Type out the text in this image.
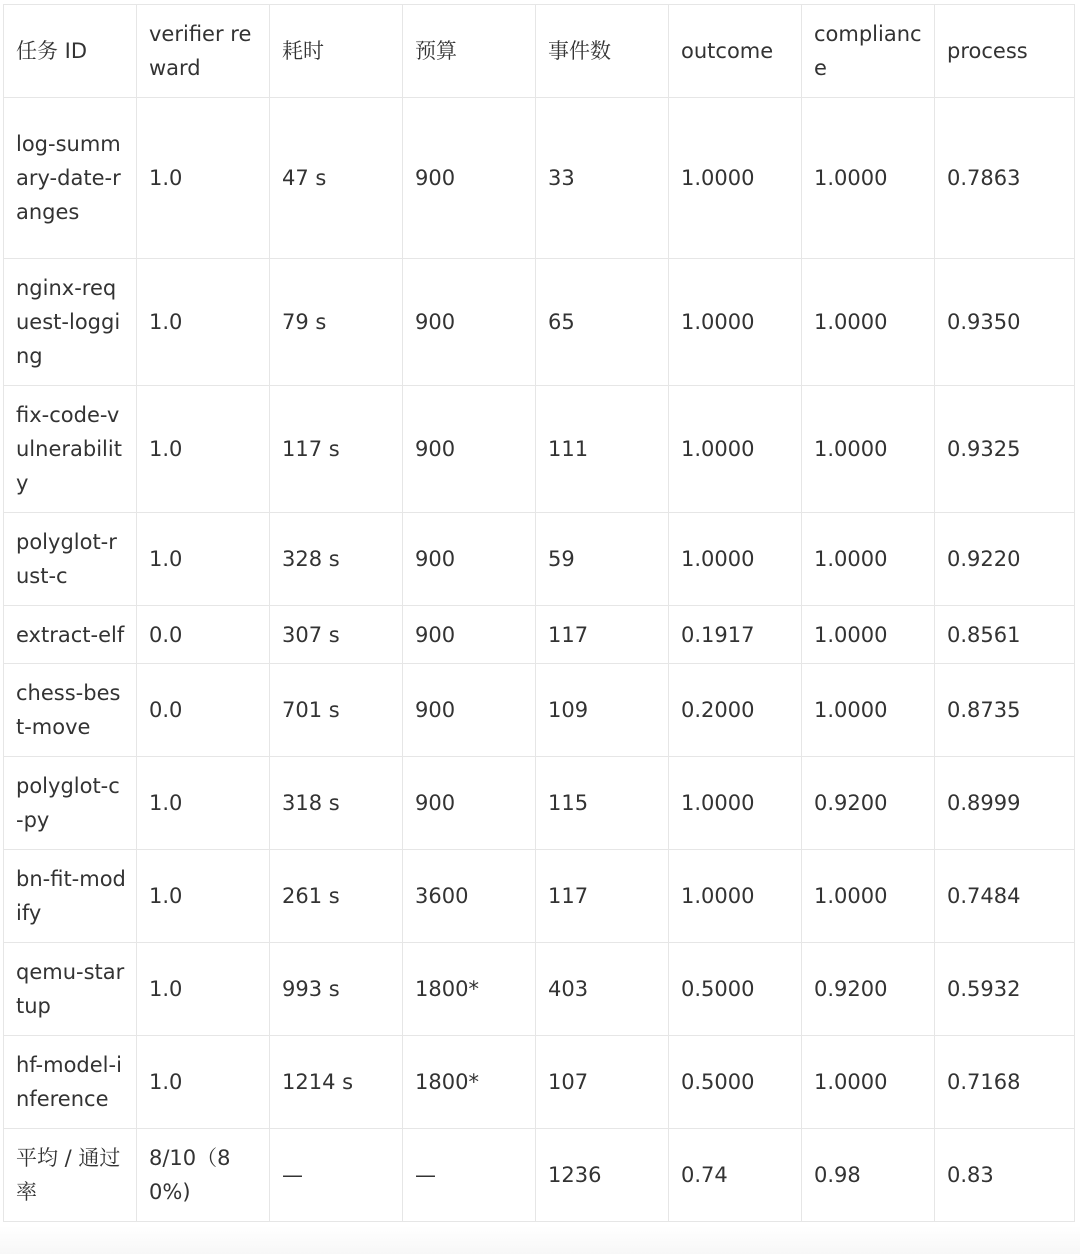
任务 ID	verifier reward	耗时	预算	事件数	outcome	compliance	process
log-summary-date-ranges	1.0	47 s	900	33	1.0000	1.0000	0.7863
nginx-request-logging	1.0	79 s	900	65	1.0000	1.0000	0.9350
fix-code-vulnerability	1.0	117 s	900	111	1.0000	1.0000	0.9325
polyglot-rust-c	1.0	328 s	900	59	1.0000	1.0000	0.9220
extract-elf	0.0	307 s	900	117	0.1917	1.0000	0.8561
chess-best-move	0.0	701 s	900	109	0.2000	1.0000	0.8735
polyglot-c-py	1.0	318 s	900	115	1.0000	0.9200	0.8999
bn-fit-modify	1.0	261 s	3600	117	1.0000	1.0000	0.7484
qemu-startup	1.0	993 s	1800*	403	0.5000	0.9200	0.5932
hf-model-inference	1.0	1214 s	1800*	107	0.5000	1.0000	0.7168
平均 / 通过率	8/10（80%)	—	—	1236	0.74	0.98	0.83
